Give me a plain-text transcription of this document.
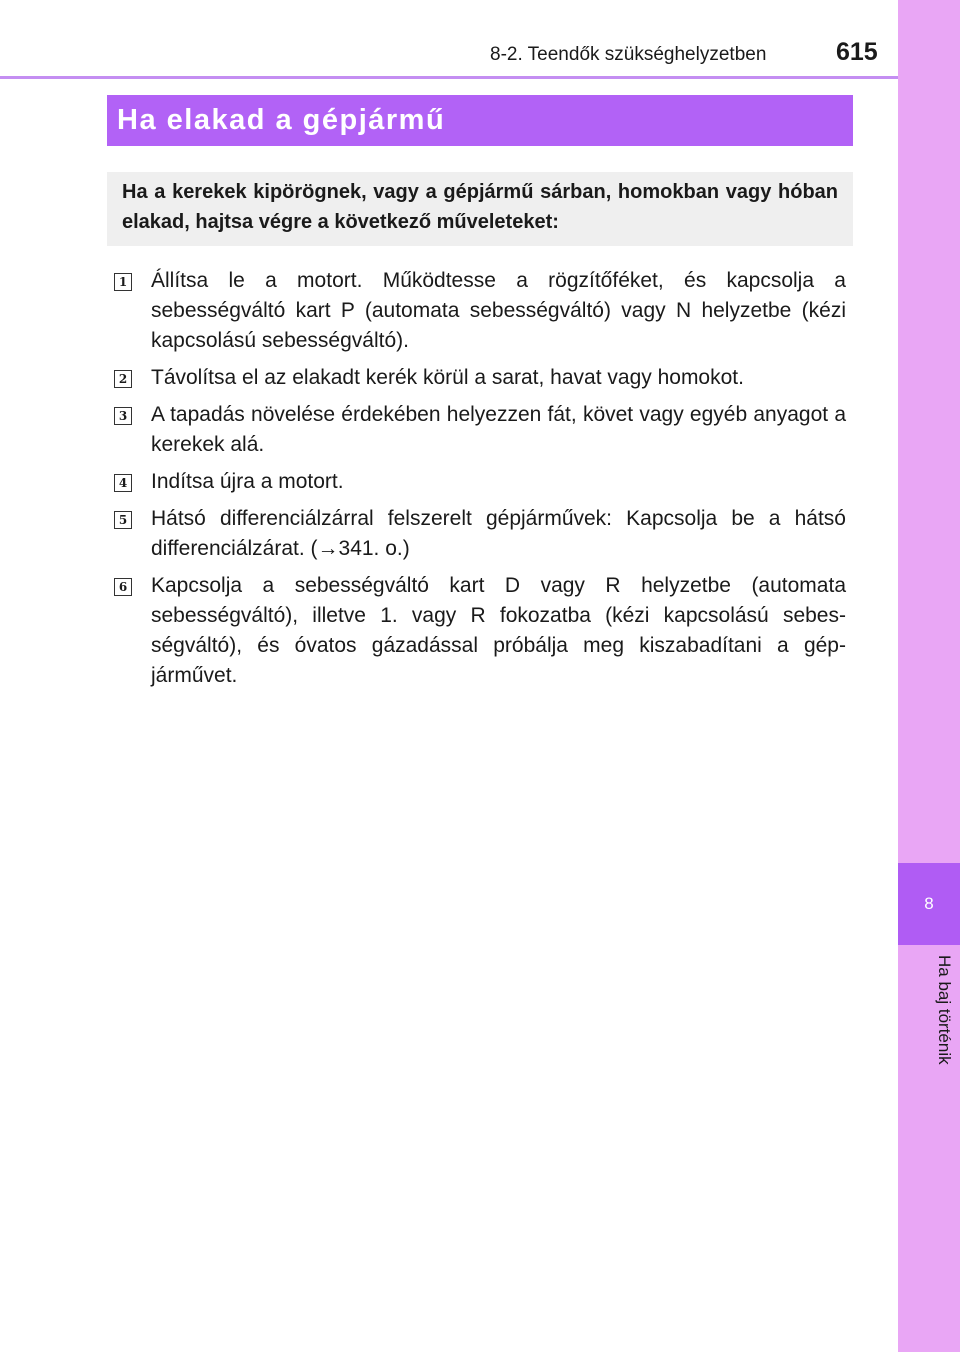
8
Ha baj történik
8-2. Teendők szükséghelyzetben	615
Ha elakad a gépjármű

Ha a kerekek kipörögnek, vagy a gépjármű sárban, homokban vagy hóban elakad, hajtsa végre a következő műveleteket:

1 Állítsa le a motort. Működtesse a rögzítőféket, és kapcsolja a sebességváltó kart P (automata sebességváltó) vagy N helyzetbe (kézi kapcsolású sebességváltó).
2 Távolítsa el az elakadt kerék körül a sarat, havat vagy homokot.
3 A tapadás növelése érdekében helyezzen fát, követ vagy egyéb anyagot a kerekek alá.
4 Indítsa újra a motort.
5 Hátsó differenciálzárral felszerelt gépjárművek: Kapcsolja be a hátsó differenciálzárat. (→341. o.)
6 Kapcsolja a sebességváltó kart D vagy R helyzetbe (automata sebességváltó), illetve 1. vagy R fokozatba (kézi kapcsolású sebességváltó), és óvatos gázadással próbálja meg kiszabadítani a gépjárművet.
